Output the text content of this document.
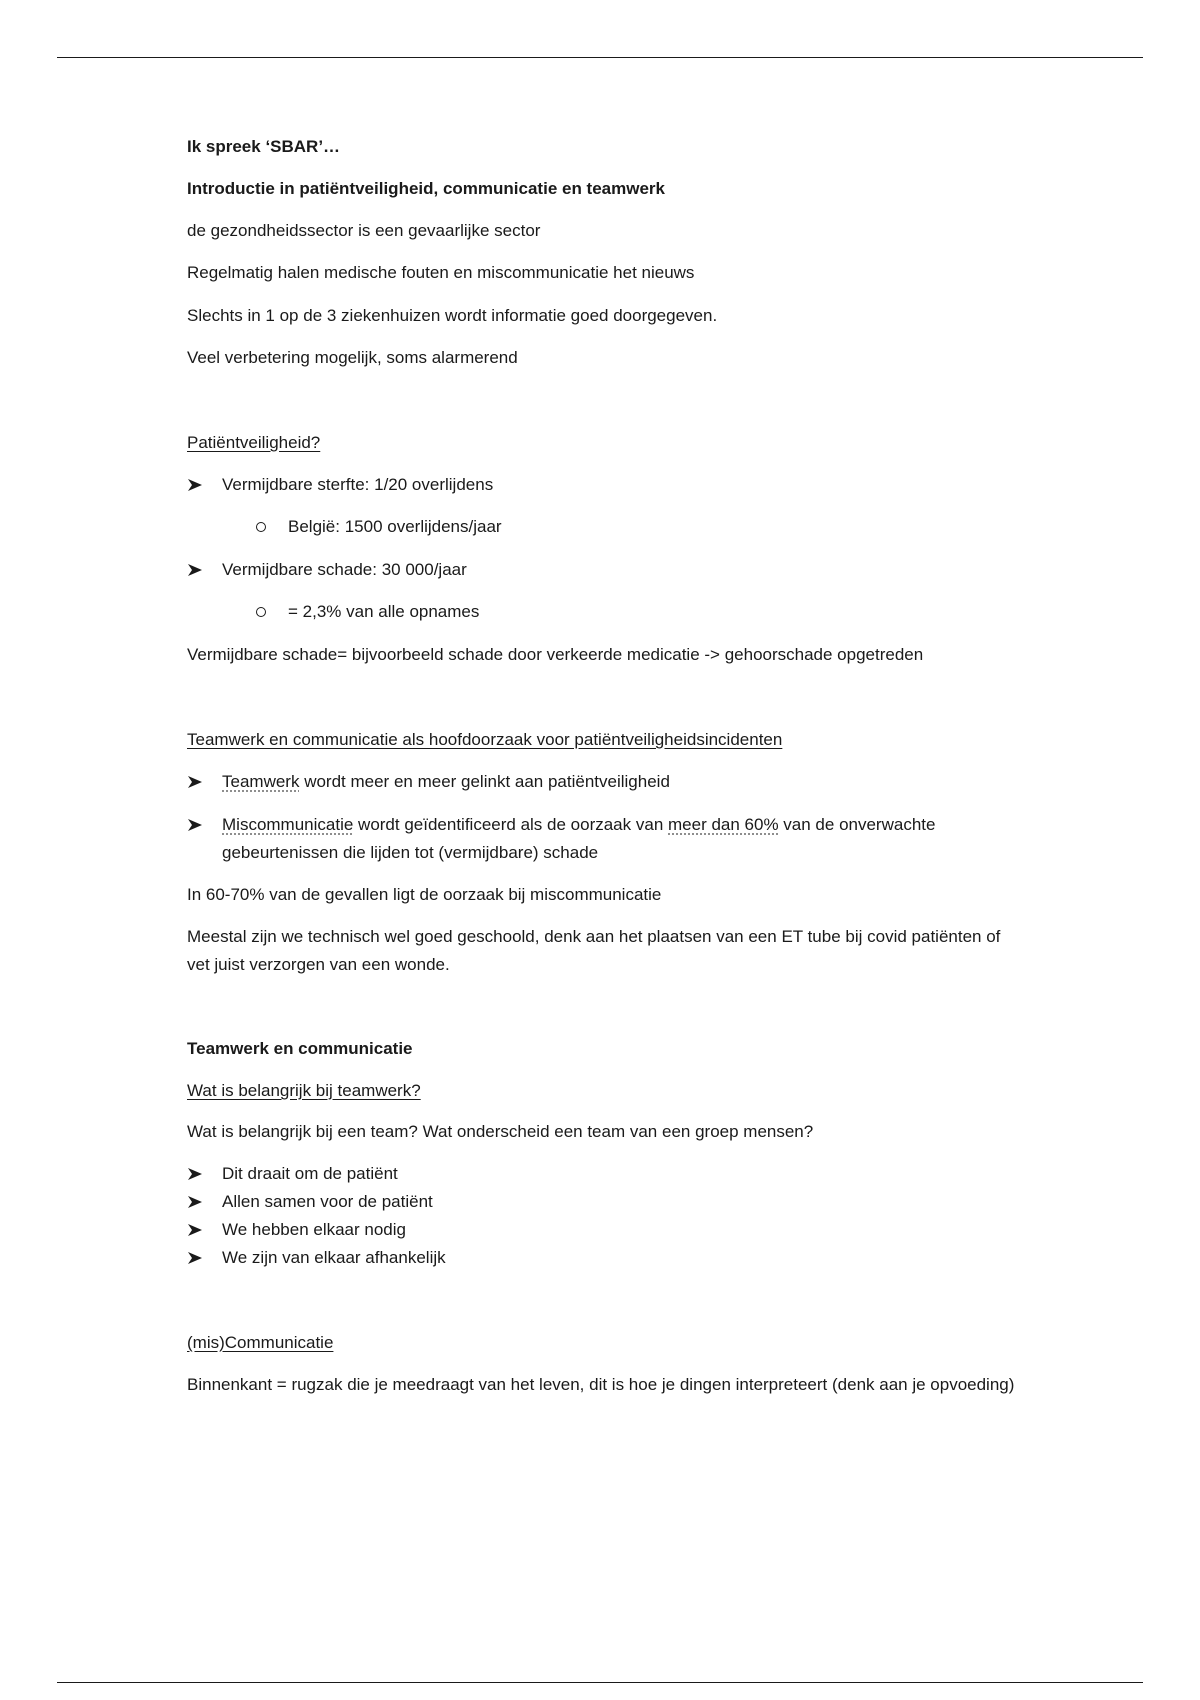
Ik spreek ‘SBAR’…

Introductie in patiëntveiligheid, communicatie en teamwerk

de gezondheidssector is een gevaarlijke sector

Regelmatig halen medische fouten en miscommunicatie het nieuws

Slechts in 1 op de 3 ziekenhuizen wordt informatie goed doorgegeven.

Veel verbetering mogelijk, soms alarmerend

Patiëntveiligheid?

Vermijdbare sterfte: 1/20 overlijdens
België: 1500 overlijdens/jaar
Vermijdbare schade: 30 000/jaar
= 2,3% van alle opnames

Vermijdbare schade= bijvoorbeeld schade door verkeerde medicatie -> gehoorschade opgetreden

Teamwerk en communicatie als hoofdoorzaak voor patiëntveiligheidsincidenten

Teamwerk wordt meer en meer gelinkt aan patiëntveiligheid
Miscommunicatie wordt geïdentificeerd als de oorzaak van meer dan 60% van de onverwachte gebeurtenissen die lijden tot (vermijdbare) schade

In 60-70% van de gevallen ligt de oorzaak bij miscommunicatie

Meestal zijn we technisch wel goed geschoold, denk aan het plaatsen van een ET tube bij covid patiënten of vet juist verzorgen van een wonde.

Teamwerk en communicatie

Wat is belangrijk bij teamwerk?

Wat is belangrijk bij een team? Wat onderscheid een team van een groep mensen?

Dit draait om de patiënt
Allen samen voor de patiënt
We hebben elkaar nodig
We zijn van elkaar afhankelijk

(mis)Communicatie

Binnenkant = rugzak die je meedraagt van het leven, dit is hoe je dingen interpreteert (denk aan je opvoeding)
